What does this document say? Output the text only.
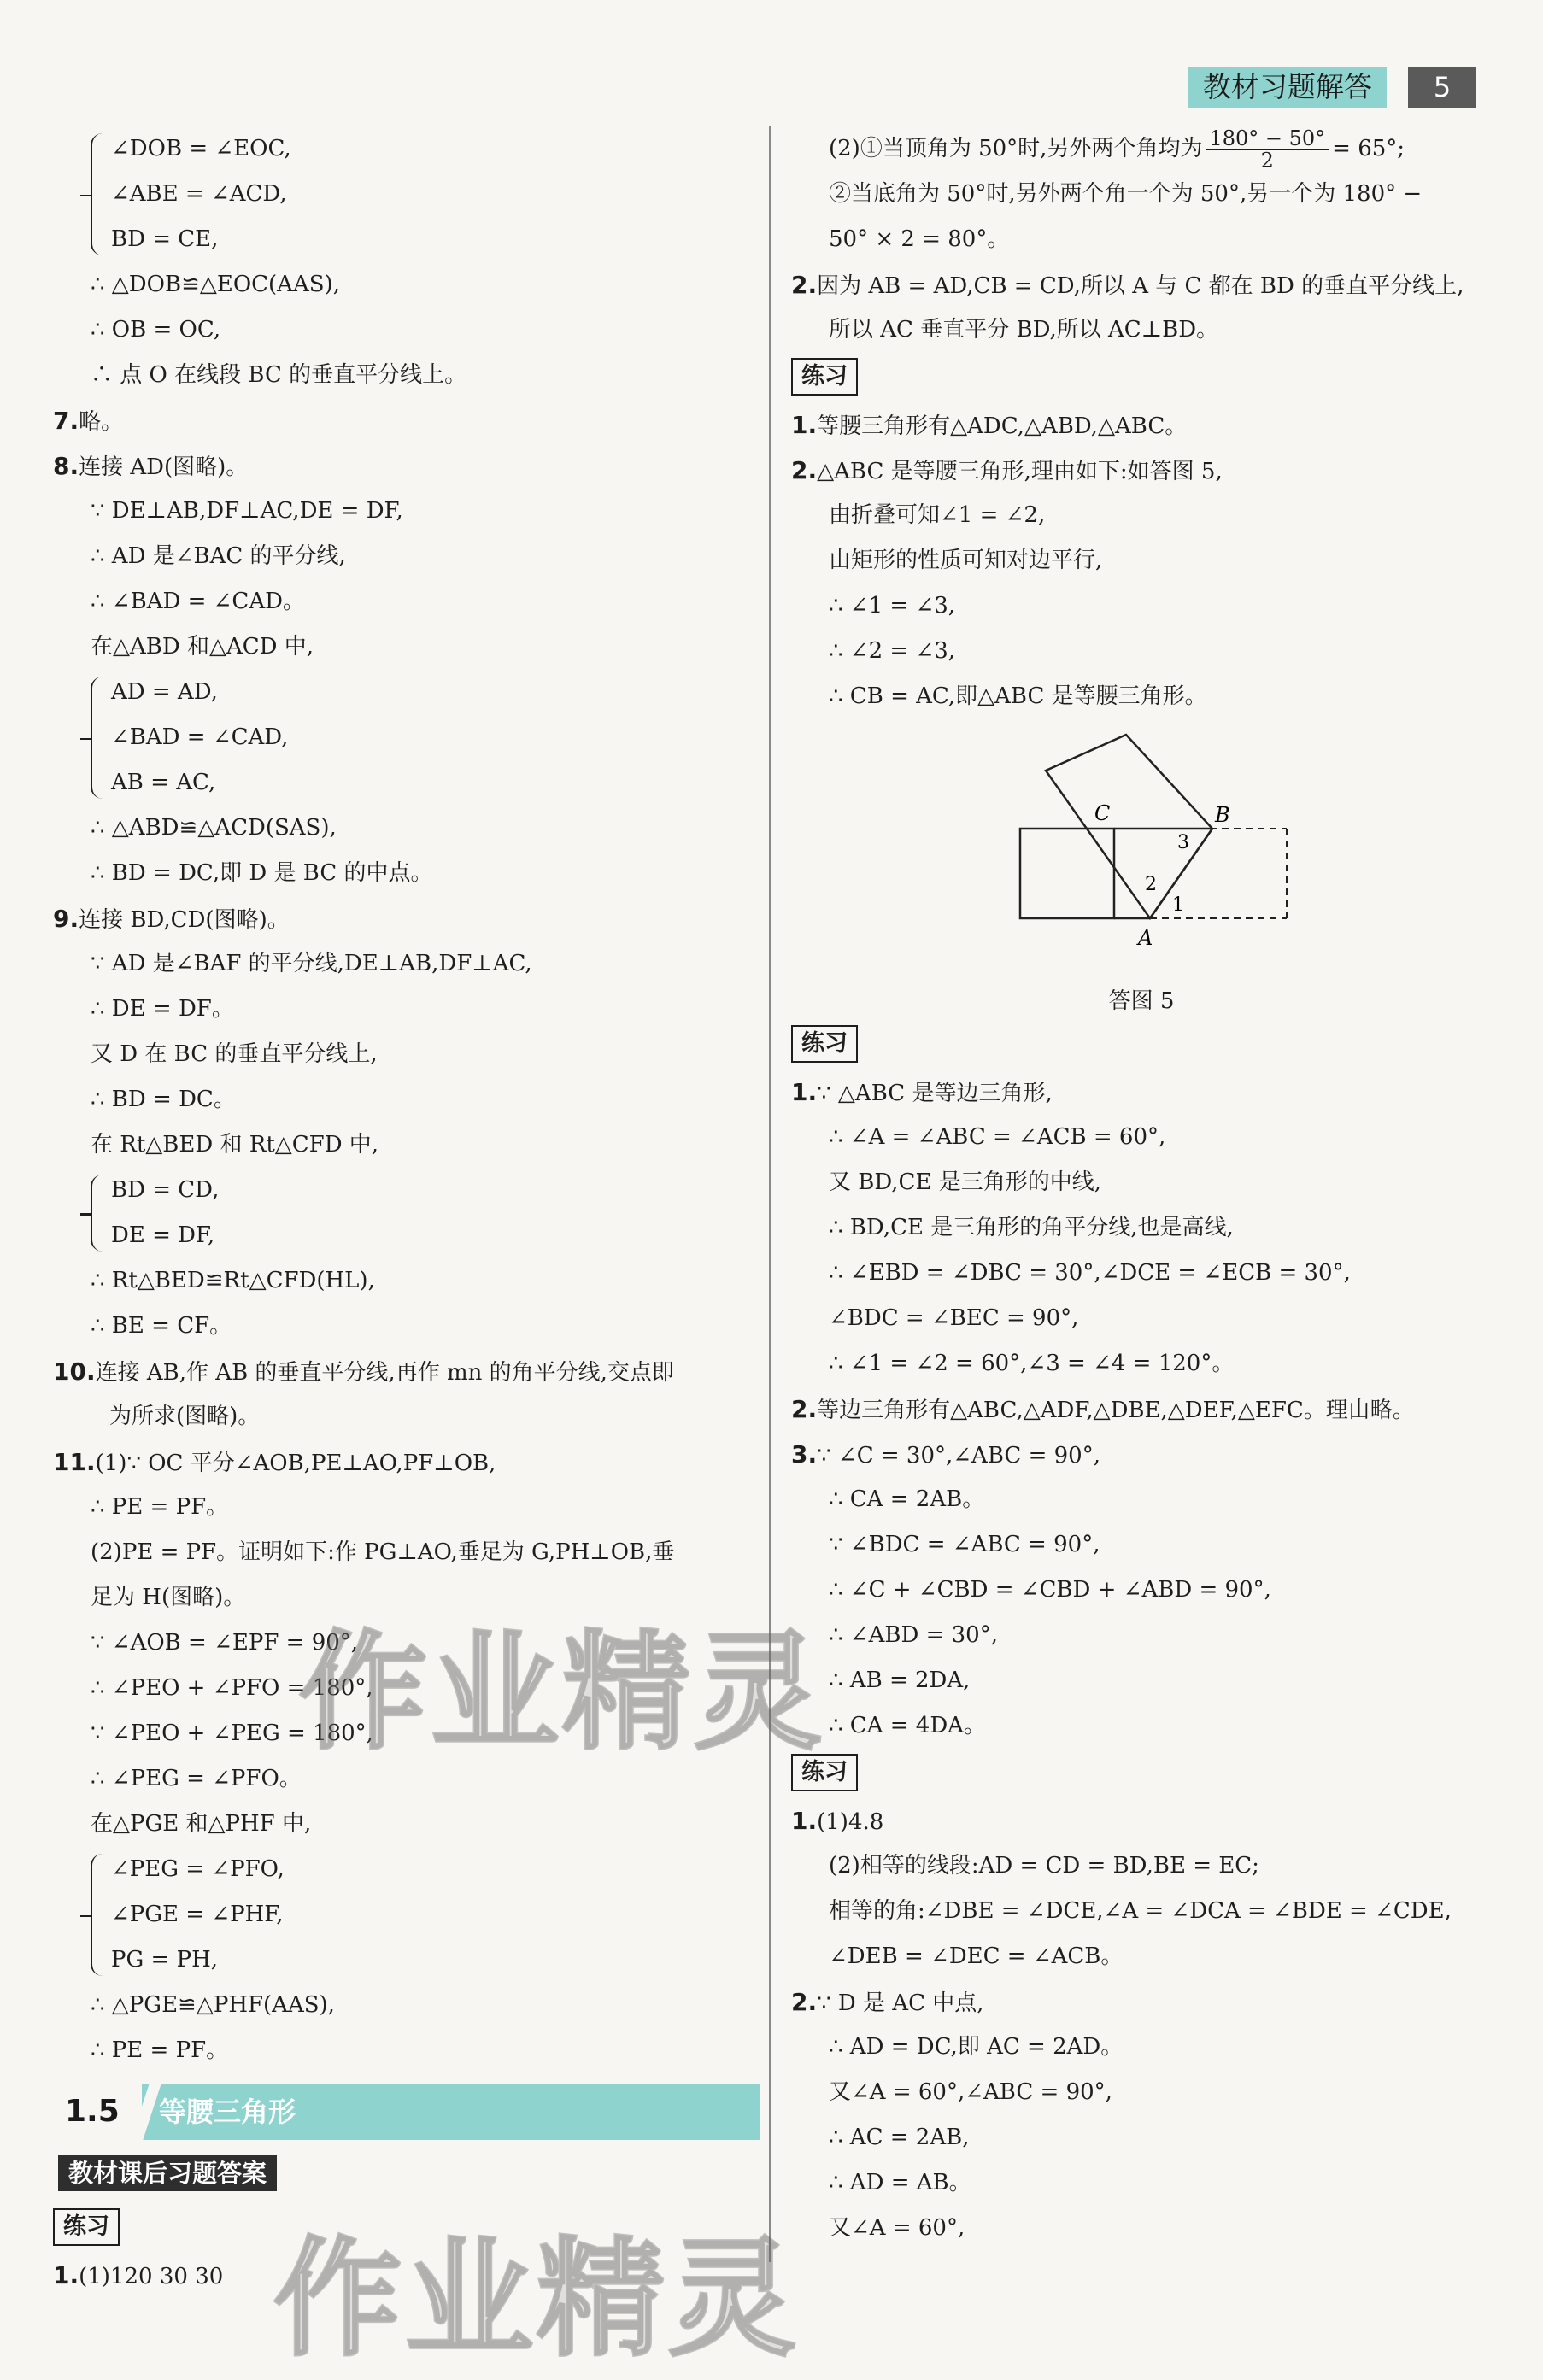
教材习题解答	5
∠DOB = ∠EOC,
∠ABE = ∠ACD,
BD = CE,
∴ △DOB≌△EOC(AAS),
∴ OB = OC,
∴ 点 O 在线段 BC 的垂直平分线上。
7.略。
8.连接 AD(图略)。
∵ DE⊥AB,DF⊥AC,DE = DF,
∴ AD 是∠BAC 的平分线,
∴ ∠BAD = ∠CAD。
在△ABD 和△ACD 中,
AD = AD,
∠BAD = ∠CAD,
AB = AC,
∴ △ABD≌△ACD(SAS),
∴ BD = DC,即 D 是 BC 的中点。
9.连接 BD,CD(图略)。
∵ AD 是∠BAF 的平分线,DE⊥AB,DF⊥AC,
∴ DE = DF。
又 D 在 BC 的垂直平分线上,
∴ BD = DC。
在 Rt△BED 和 Rt△CFD 中,
BD = CD,
DE = DF,
∴ Rt△BED≌Rt△CFD(HL),
∴ BE = CF。
10.连接 AB,作 AB 的垂直平分线,再作 mn 的角平分线,交点即
为所求(图略)。
11.(1)∵ OC 平分∠AOB,PE⊥AO,PF⊥OB,
∴ PE = PF。
(2)PE = PF。证明如下:作 PG⊥AO,垂足为 G,PH⊥OB,垂
足为 H(图略)。
∵ ∠AOB = ∠EPF = 90°,
∴ ∠PEO + ∠PFO = 180°,
∵ ∠PEO + ∠PEG = 180°,
∴ ∠PEG = ∠PFO。
在△PGE 和△PHF 中,
∠PEG = ∠PFO,
∠PGE = ∠PHF,
PG = PH,
∴ △PGE≌△PHF(AAS),
∴ PE = PF。
1.5	等腰三角形
教材课后习题答案
练习
1.(1)120 30 30
(2)①当顶角为 50°时,另外两个角均为 $\frac{180^\circ - 50^\circ}{2} = 65^\circ$;
②当底角为 50°时,另外两个角一个为 50°,另一个为 180° −
50° × 2 = 80°。
2.因为 AB = AD,CB = CD,所以 A 与 C 都在 BD 的垂直平分线上,
所以 AC 垂直平分 BD,所以 AC⊥BD。
练习
1.等腰三角形有△ADC,△ABD,△ABC。
2.△ABC 是等腰三角形,理由如下:如答图 5,
由折叠可知∠1 = ∠2,
由矩形的性质可知对边平行,
∴ ∠1 = ∠3,
∴ ∠2 = ∠3,
∴ CB = AC,即△ABC 是等腰三角形。
C	B
A
3
2
1
答图 5
练习
1.∵ △ABC 是等边三角形,
∴ ∠A = ∠ABC = ∠ACB = 60°,
又 BD,CE 是三角形的中线,
∴ BD,CE 是三角形的角平分线,也是高线,
∴ ∠EBD = ∠DBC = 30°,∠DCE = ∠ECB = 30°,
∠BDC = ∠BEC = 90°,
∴ ∠1 = ∠2 = 60°,∠3 = ∠4 = 120°。
2.等边三角形有△ABC,△ADF,△DBE,△DEF,△EFC。理由略。
3.∵ ∠C = 30°,∠ABC = 90°,
∴ CA = 2AB。
∵ ∠BDC = ∠ABC = 90°,
∴ ∠C + ∠CBD = ∠CBD + ∠ABD = 90°,
∴ ∠ABD = 30°,
∴ AB = 2DA,
∴ CA = 4DA。
练习
1.(1)4.8
(2)相等的线段:AD = CD = BD,BE = EC;
相等的角:∠DBE = ∠DCE,∠A = ∠DCA = ∠BDE = ∠CDE,
∠DEB = ∠DEC = ∠ACB。
2.∵ D 是 AC 中点,
∴ AD = DC,即 AC = 2AD。
又∠A = 60°,∠ABC = 90°,
∴ AC = 2AB,
∴ AD = AB。
又∠A = 60°,
作业精灵
作业精灵
